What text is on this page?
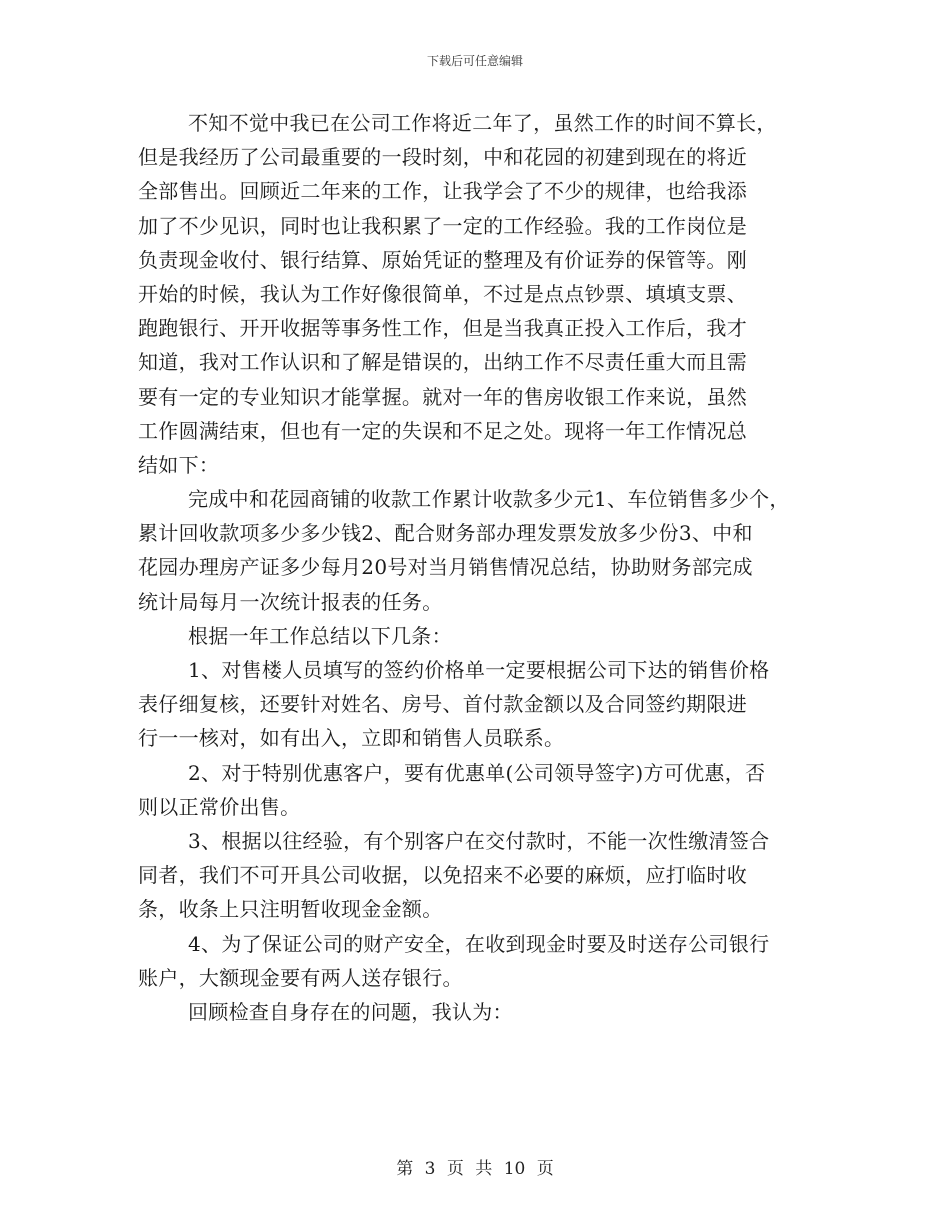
下载后可任意编辑
不知不觉中我已在公司工作将近二年了，虽然工作的时间不算长，
但是我经历了公司最重要的一段时刻，中和花园的初建到现在的将近
全部售出。回顾近二年来的工作，让我学会了不少的规律，也给我添
加了不少见识，同时也让我积累了一定的工作经验。我的工作岗位是
负责现金收付、银行结算、原始凭证的整理及有价证券的保管等。刚
开始的时候，我认为工作好像很简单，不过是点点钞票、填填支票、
跑跑银行、开开收据等事务性工作，但是当我真正投入工作后，我才
知道，我对工作认识和了解是错误的，出纳工作不尽责任重大而且需
要有一定的专业知识才能掌握。就对一年的售房收银工作来说，虽然
工作圆满结束，但也有一定的失误和不足之处。现将一年工作情况总
结如下：
完成中和花园商铺的收款工作累计收款多少元1、车位销售多少个，
累计回收款项多少多少钱2、配合财务部办理发票发放多少份3、中和
花园办理房产证多少每月20号对当月销售情况总结，协助财务部完成
统计局每月一次统计报表的任务。
根据一年工作总结以下几条：
1、对售楼人员填写的签约价格单一定要根据公司下达的销售价格
表仔细复核，还要针对姓名、房号、首付款金额以及合同签约期限进
行一一核对，如有出入，立即和销售人员联系。
2、对于特别优惠客户，要有优惠单(公司领导签字)方可优惠，否
则以正常价出售。
3、根据以往经验，有个别客户在交付款时，不能一次性缴清签合
同者，我们不可开具公司收据，以免招来不必要的麻烦，应打临时收
条，收条上只注明暂收现金金额。
4、为了保证公司的财产安全，在收到现金时要及时送存公司银行
账户，大额现金要有两人送存银行。
回顾检查自身存在的问题，我认为：
第 3 页 共 10 页
